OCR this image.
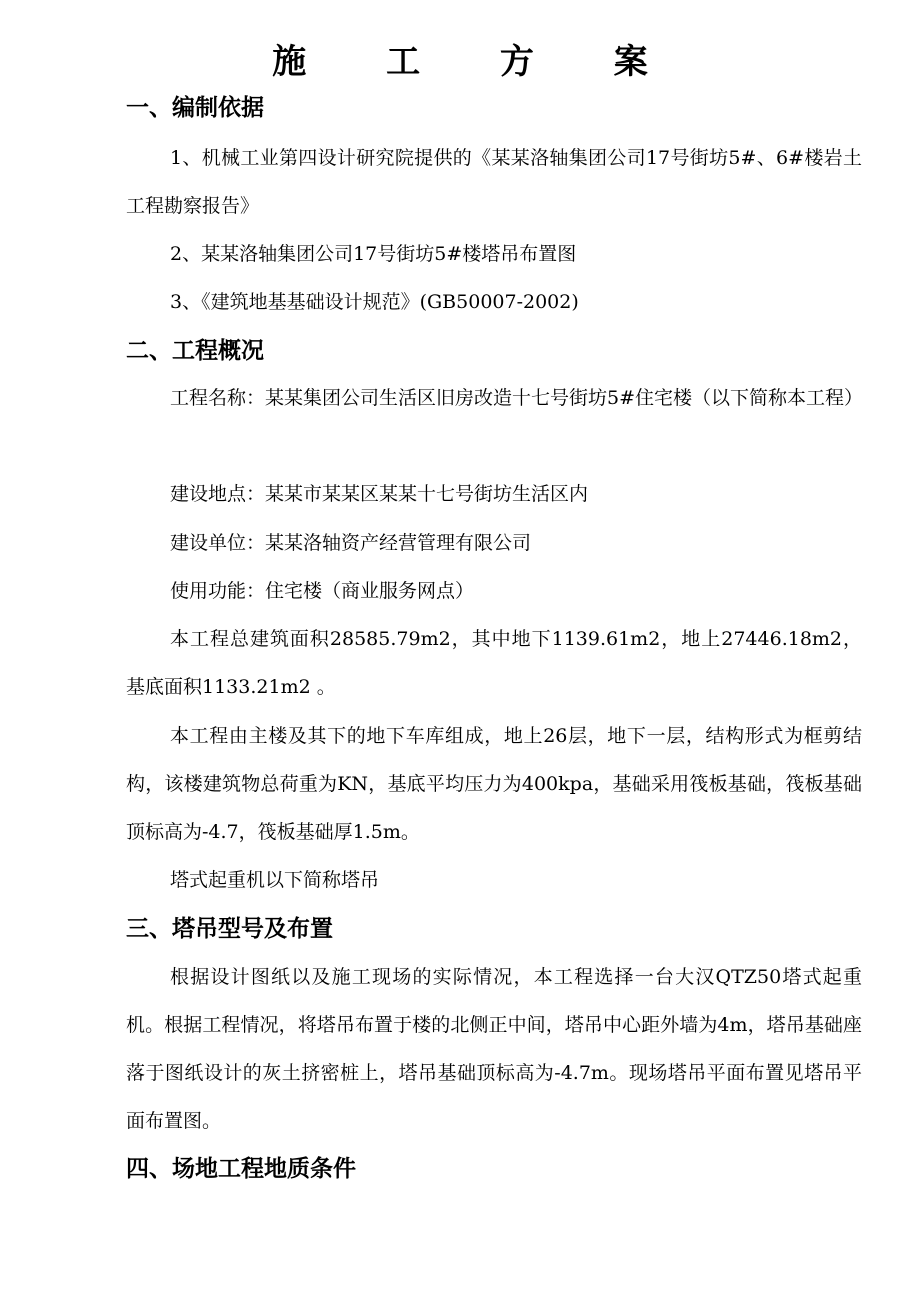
施 工 方 案
一、编制依据
1、机械工业第四设计研究院提供的《某某洛轴集团公司17号街坊5#、6#楼岩土工程勘察报告》
2、某某洛轴集团公司17号街坊5#楼塔吊布置图
3、《建筑地基基础设计规范》(GB50007-2002)
二、工程概况
工程名称：某某集团公司生活区旧房改造十七号街坊5#住宅楼（以下简称本工程）
建设地点：某某市某某区某某十七号街坊生活区内
建设单位：某某洛轴资产经营管理有限公司
使用功能：住宅楼（商业服务网点）
本工程总建筑面积28585.79m2，其中地下1139.61m2，地上27446.18m2，基底面积1133.21m2 。
本工程由主楼及其下的地下车库组成，地上26层，地下一层，结构形式为框剪结构，该楼建筑物总荷重为KN，基底平均压力为400kpa，基础采用筏板基础，筏板基础顶标高为-4.7，筏板基础厚1.5m。
塔式起重机以下简称塔吊
三、塔吊型号及布置
根据设计图纸以及施工现场的实际情况，本工程选择一台大汉QTZ50塔式起重机。根据工程情况，将塔吊布置于楼的北侧正中间，塔吊中心距外墙为4m，塔吊基础座落于图纸设计的灰土挤密桩上，塔吊基础顶标高为-4.7m。现场塔吊平面布置见塔吊平面布置图。
四、场地工程地质条件
